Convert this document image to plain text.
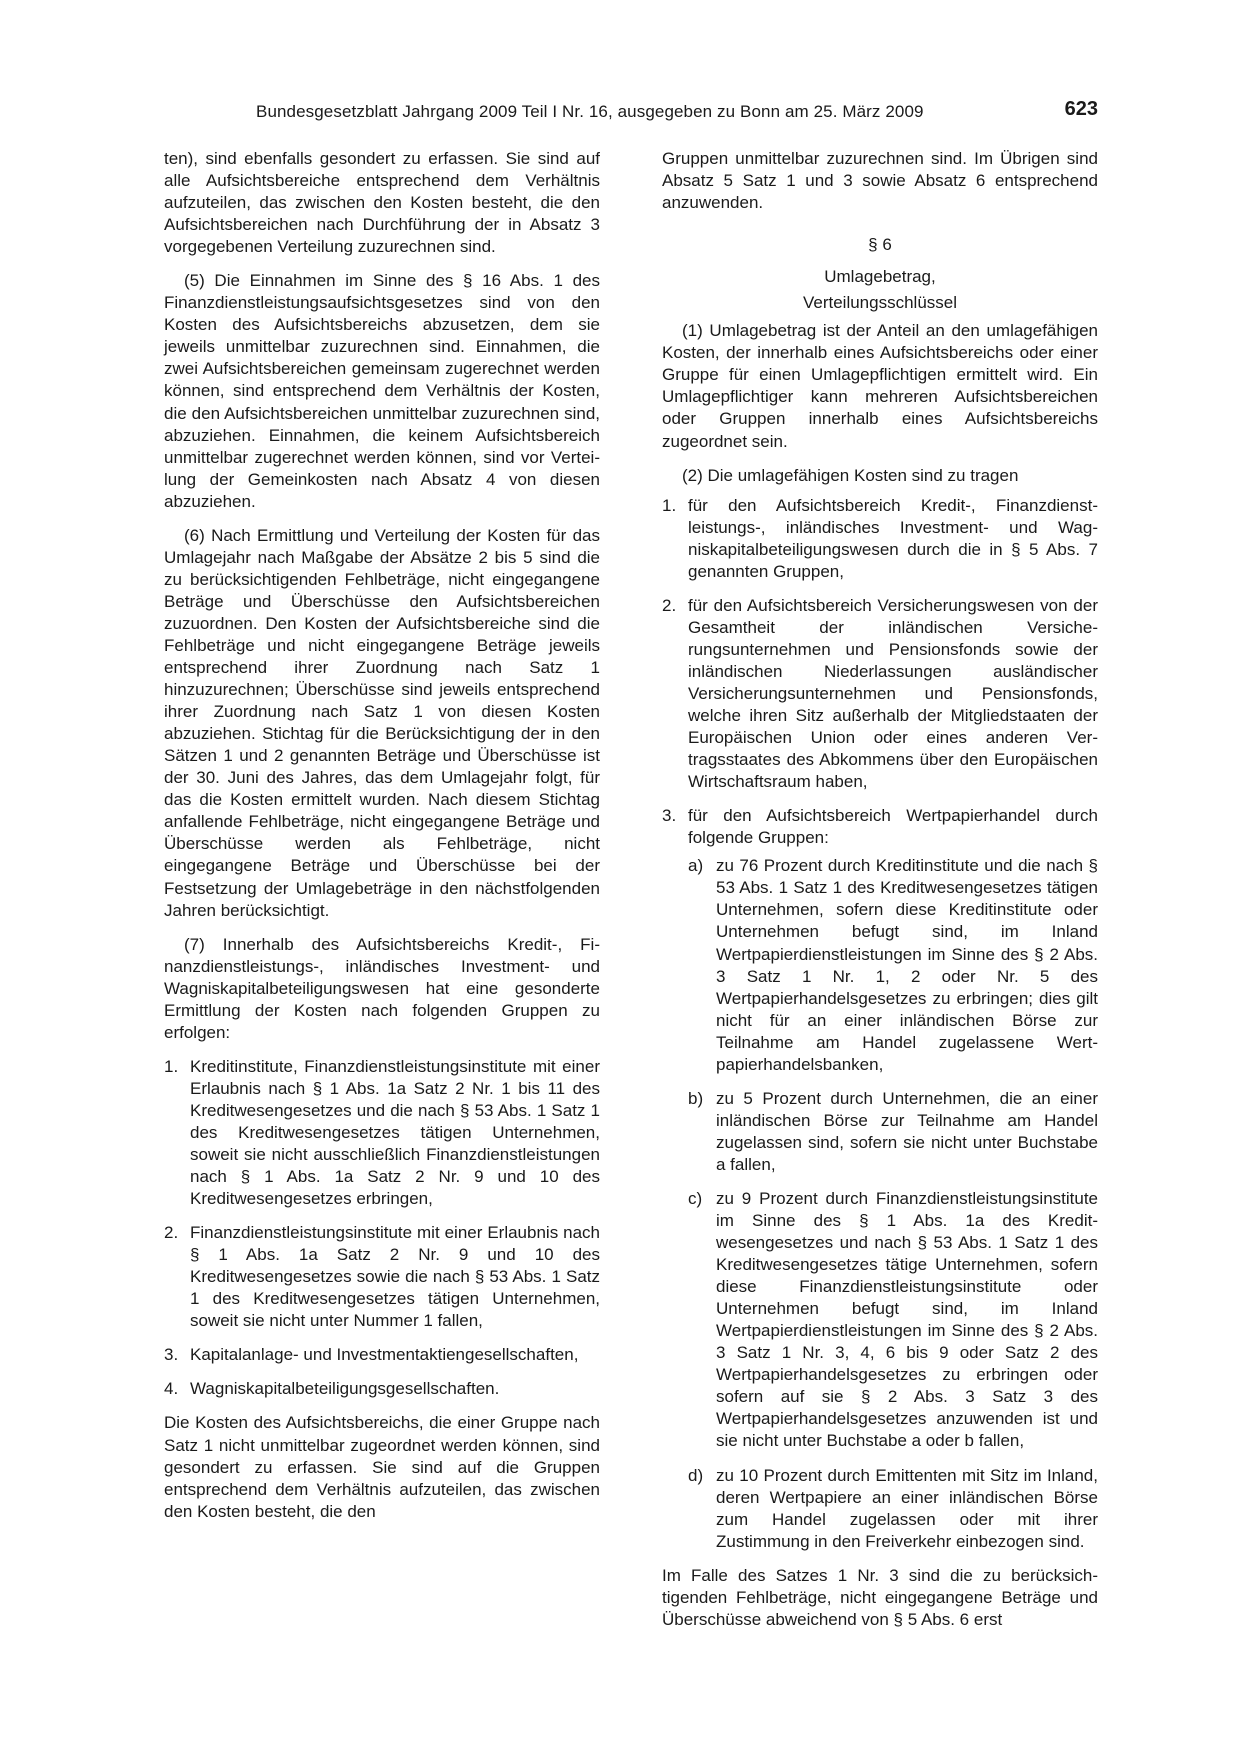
Bundesgesetzblatt Jahrgang 2009 Teil I Nr. 16, ausgegeben zu Bonn am 25. März 2009	623

ten), sind ebenfalls gesondert zu erfassen. Sie sind auf alle Aufsichtsbereiche entsprechend dem Verhältnis aufzuteilen, das zwischen den Kosten besteht, die den Aufsichtsbereichen nach Durchführung der in Absatz 3 vorgegebenen Verteilung zuzurechnen sind.

(5) Die Einnahmen im Sinne des § 16 Abs. 1 des Finanzdienstleistungsaufsichtsgesetzes sind von den Kosten des Aufsichtsbereichs abzusetzen, dem sie jeweils unmittelbar zuzurechnen sind. Einnahmen, die zwei Aufsichtsbereichen gemeinsam zugerechnet werden können, sind entsprechend dem Verhältnis der Kosten, die den Aufsichtsbereichen unmittelbar zuzurechnen sind, abzuziehen. Einnahmen, die keinem Aufsichtsbereich unmittelbar zugerechnet werden können, sind vor Verteilung der Gemeinkosten nach Absatz 4 von diesen abzuziehen.

(6) Nach Ermittlung und Verteilung der Kosten für das Umlagejahr nach Maßgabe der Absätze 2 bis 5 sind die zu berücksichtigenden Fehlbeträge, nicht eingegangene Beträge und Überschüsse den Aufsichtsbereichen zuzuordnen. Den Kosten der Aufsichtsbereiche sind die Fehlbeträge und nicht eingegangene Beträge jeweils entsprechend ihrer Zuordnung nach Satz 1 hinzuzurechnen; Überschüsse sind jeweils entsprechend ihrer Zuordnung nach Satz 1 von diesen Kosten abzuziehen. Stichtag für die Berücksichtigung der in den Sätzen 1 und 2 genannten Beträge und Überschüsse ist der 30. Juni des Jahres, das dem Umlagejahr folgt, für das die Kosten ermittelt wurden. Nach diesem Stichtag anfallende Fehlbeträge, nicht eingegangene Beträge und Überschüsse werden als Fehlbeträge, nicht eingegangene Beträge und Überschüsse bei der Festsetzung der Umlagebeträge in den nächstfolgenden Jahren berücksichtigt.

(7) Innerhalb des Aufsichtsbereichs Kredit-, Finanzdienstleistungs-, inländisches Investment- und Wagniskapitalbeteiligungswesen hat eine gesonderte Ermittlung der Kosten nach folgenden Gruppen zu erfolgen:

1. Kreditinstitute, Finanzdienstleistungsinstitute mit einer Erlaubnis nach § 1 Abs. 1a Satz 2 Nr. 1 bis 11 des Kreditwesengesetzes und die nach § 53 Abs. 1 Satz 1 des Kreditwesengesetzes tätigen Unternehmen, soweit sie nicht ausschließlich Finanzdienstleistungen nach § 1 Abs. 1a Satz 2 Nr. 9 und 10 des Kreditwesengesetzes erbringen,
2. Finanzdienstleistungsinstitute mit einer Erlaubnis nach § 1 Abs. 1a Satz 2 Nr. 9 und 10 des Kreditwesengesetzes sowie die nach § 53 Abs. 1 Satz 1 des Kreditwesengesetzes tätigen Unternehmen, soweit sie nicht unter Nummer 1 fallen,
3. Kapitalanlage- und Investmentaktiengesellschaften,
4. Wagniskapitalbeteiligungsgesellschaften.

Die Kosten des Aufsichtsbereichs, die einer Gruppe nach Satz 1 nicht unmittelbar zugeordnet werden können, sind gesondert zu erfassen. Sie sind auf die Gruppen entsprechend dem Verhältnis aufzuteilen, das zwischen den Kosten besteht, die den

Gruppen unmittelbar zuzurechnen sind. Im Übrigen sind Absatz 5 Satz 1 und 3 sowie Absatz 6 entsprechend anzuwenden.

§ 6
Umlagebetrag,
Verteilungsschlüssel

(1) Umlagebetrag ist der Anteil an den umlagefähigen Kosten, der innerhalb eines Aufsichtsbereichs oder einer Gruppe für einen Umlagepflichtigen ermittelt wird. Ein Umlagepflichtiger kann mehreren Aufsichtsbereichen oder Gruppen innerhalb eines Aufsichtsbereichs zugeordnet sein.

(2) Die umlagefähigen Kosten sind zu tragen

1. für den Aufsichtsbereich Kredit-, Finanzdienstleistungs-, inländisches Investment- und Wagniskapitalbeteiligungswesen durch die in § 5 Abs. 7 genannten Gruppen,
2. für den Aufsichtsbereich Versicherungswesen von der Gesamtheit der inländischen Versicherungsunternehmen und Pensionsfonds sowie der inländischen Niederlassungen ausländischer Versicherungsunternehmen und Pensionsfonds, welche ihren Sitz außerhalb der Mitgliedstaaten der Europäischen Union oder eines anderen Vertragsstaates des Abkommens über den Europäischen Wirtschaftsraum haben,
3. für den Aufsichtsbereich Wertpapierhandel durch folgende Gruppen:
a) zu 76 Prozent durch Kreditinstitute und die nach § 53 Abs. 1 Satz 1 des Kreditwesengesetzes tätigen Unternehmen, sofern diese Kreditinstitute oder Unternehmen befugt sind, im Inland Wertpapierdienstleistungen im Sinne des § 2 Abs. 3 Satz 1 Nr. 1, 2 oder Nr. 5 des Wertpapierhandelsgesetzes zu erbringen; dies gilt nicht für an einer inländischen Börse zur Teilnahme am Handel zugelassene Wertpapierhandelsbanken,
b) zu 5 Prozent durch Unternehmen, die an einer inländischen Börse zur Teilnahme am Handel zugelassen sind, sofern sie nicht unter Buchstabe a fallen,
c) zu 9 Prozent durch Finanzdienstleistungsinstitute im Sinne des § 1 Abs. 1a des Kreditwesengesetzes und nach § 53 Abs. 1 Satz 1 des Kreditwesengesetzes tätige Unternehmen, sofern diese Finanzdienstleistungsinstitute oder Unternehmen befugt sind, im Inland Wertpapierdienstleistungen im Sinne des § 2 Abs. 3 Satz 1 Nr. 3, 4, 6 bis 9 oder Satz 2 des Wertpapierhandelsgesetzes zu erbringen oder sofern auf sie § 2 Abs. 3 Satz 3 des Wertpapierhandelsgesetzes anzuwenden ist und sie nicht unter Buchstabe a oder b fallen,
d) zu 10 Prozent durch Emittenten mit Sitz im Inland, deren Wertpapiere an einer inländischen Börse zum Handel zugelassen oder mit ihrer Zustimmung in den Freiverkehr einbezogen sind.

Im Falle des Satzes 1 Nr. 3 sind die zu berücksichtigenden Fehlbeträge, nicht eingegangene Beträge und Überschüsse abweichend von § 5 Abs. 6 erst
